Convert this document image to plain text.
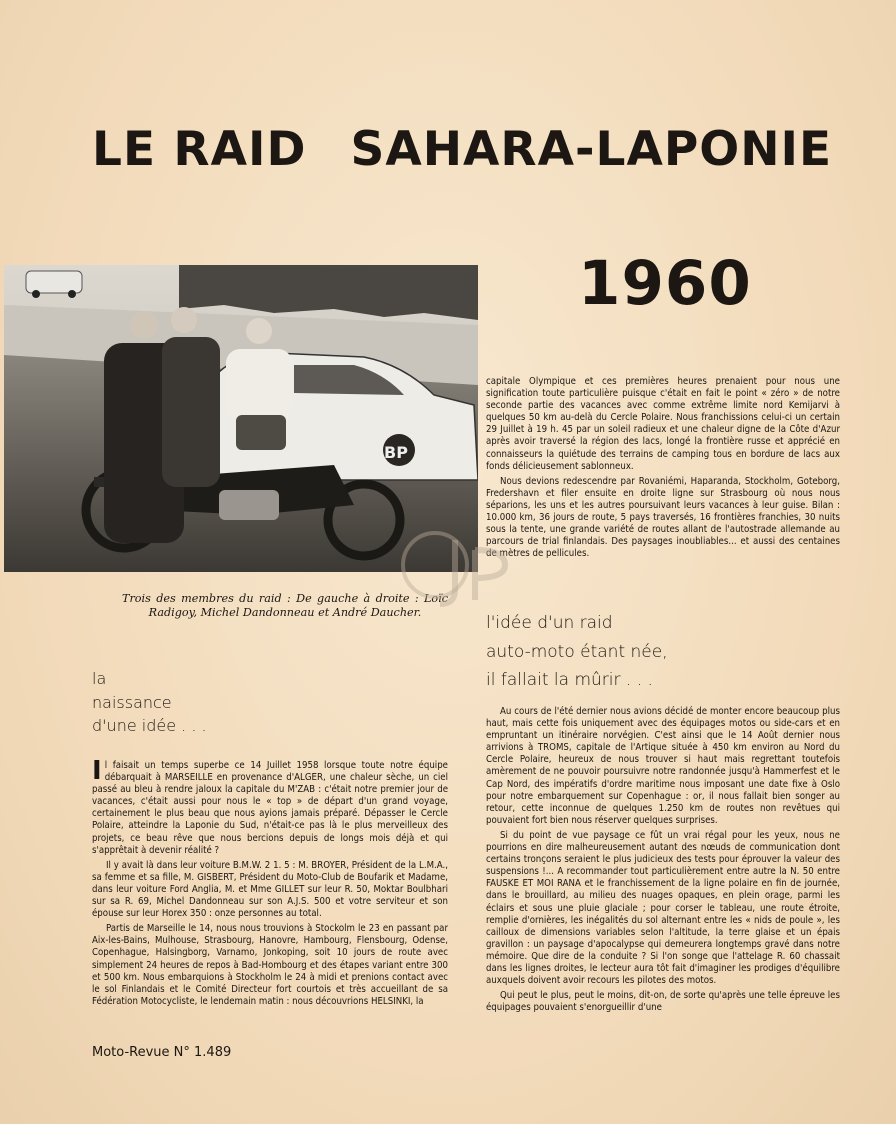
LE RAID SAHARA-LAPONIE
1960
BP
Trois des membres du raid : De gauche à droite : Loïc Radigoy, Michel Dandonneau et André Daucher.
la
naissance
d'une idée . . .
l'idée d'un raid
auto-moto étant née,
il fallait la mûrir . . .

Il faisait un temps superbe ce 14 Juillet 1958 lorsque toute notre équipe débarquait à MARSEILLE en provenance d'ALGER, une chaleur sèche, un ciel passé au bleu à rendre jaloux la capitale du M'ZAB : c'était notre premier jour de vacances, c'était aussi pour nous le « top » de départ d'un grand voyage, certainement le plus beau que nous ayions jamais préparé. Dépasser le Cercle Polaire, atteindre la Laponie du Sud, n'était-ce pas là le plus merveilleux des projets, ce beau rêve que nous bercions depuis de longs mois déjà et qui s'apprêtait à devenir réalité ?

Il y avait là dans leur voiture B.M.W. 2 1. 5 : M. BROYER, Président de la L.M.A., sa femme et sa fille, M. GISBERT, Président du Moto-Club de Boufarik et Madame, dans leur voiture Ford Anglia, M. et Mme GILLET sur leur R. 50, Moktar Boulbhari sur sa R. 69, Michel Dandonneau sur son A.J.S. 500 et votre serviteur et son épouse sur leur Horex 350 : onze personnes au total.

Partis de Marseille le 14, nous nous trouvions à Stockolm le 23 en passant par Aix-les-Bains, Mulhouse, Strasbourg, Hanovre, Hambourg, Flensbourg, Odense, Copenhague, Halsingborg, Varnamo, Jonkoping, soit 10 jours de route avec simplement 24 heures de repos à Bad-Hombourg et des étapes variant entre 300 et 500 km. Nous embarquions à Stockholm le 24 à midi et prenions contact avec le sol Finlandais et le Comité Directeur fort courtois et très accueillant de sa Fédération Motocycliste, le lendemain matin : nous découvrions HELSINKI, la

capitale Olympique et ces premières heures prenaient pour nous une signification toute particulière puisque c'était en fait le point « zéro » de notre seconde partie des vacances avec comme extrême limite nord Kemijarvi à quelques 50 km au-delà du Cercle Polaire. Nous franchissions celui-ci un certain 29 Juillet à 19 h. 45 par un soleil radieux et une chaleur digne de la Côte d'Azur après avoir traversé la région des lacs, longé la frontière russe et apprécié en connaisseurs la quiétude des terrains de camping tous en bordure de lacs aux fonds délicieusement sablonneux.

Nous devions redescendre par Rovaniémi, Haparanda, Stockholm, Goteborg, Fredershavn et filer ensuite en droite ligne sur Strasbourg où nous nous séparions, les uns et les autres poursuivant leurs vacances à leur guise. Bilan : 10.000 km, 36 jours de route, 5 pays traversés, 16 frontières franchies, 30 nuits sous la tente, une grande variété de routes allant de l'autostrade allemande au parcours de trial finlandais. Des paysages inoubliables... et aussi des centaines de mètres de pellicules.

Au cours de l'été dernier nous avions décidé de monter encore beaucoup plus haut, mais cette fois uniquement avec des équipages motos ou side-cars et en empruntant un itinéraire norvégien. C'est ainsi que le 14 Août dernier nous arrivions à TROMS, capitale de l'Artique située à 450 km environ au Nord du Cercle Polaire, heureux de nous trouver si haut mais regrettant toutefois amèrement de ne pouvoir poursuivre notre randonnée jusqu'à Hammerfest et le Cap Nord, des impératifs d'ordre maritime nous imposant une date fixe à Oslo pour notre embarquement sur Copenhague : or, il nous fallait bien songer au retour, cette inconnue de quelques 1.250 km de routes non revêtues qui pouvaient fort bien nous réserver quelques surprises.

Si du point de vue paysage ce fût un vrai régal pour les yeux, nous ne pourrions en dire malheureusement autant des nœuds de communication dont certains tronçons seraient le plus judicieux des tests pour éprouver la valeur des suspensions !... A recommander tout particulièrement entre autre la N. 50 entre FAUSKE ET MOI RANA et le franchissement de la ligne polaire en fin de journée, dans le brouillard, au milieu des nuages opaques, en plein orage, parmi les éclairs et sous une pluie glaciale ; pour corser le tableau, une route étroite, remplie d'ornières, les inégalités du sol alternant entre les « nids de poule », les cailloux de dimensions variables selon l'altitude, la terre glaise et un épais gravillon : un paysage d'apocalypse qui demeurera longtemps gravé dans notre mémoire. Que dire de la conduite ? Si l'on songe que l'attelage R. 60 chassait dans les lignes droites, le lecteur aura tôt fait d'imaginer les prodiges d'équilibre auxquels doivent avoir recours les pilotes des motos.

Qui peut le plus, peut le moins, dit-on, de sorte qu'après une telle épreuve les équipages pouvaient s'enorgueillir d'une

Moto-Revue N° 1.489
